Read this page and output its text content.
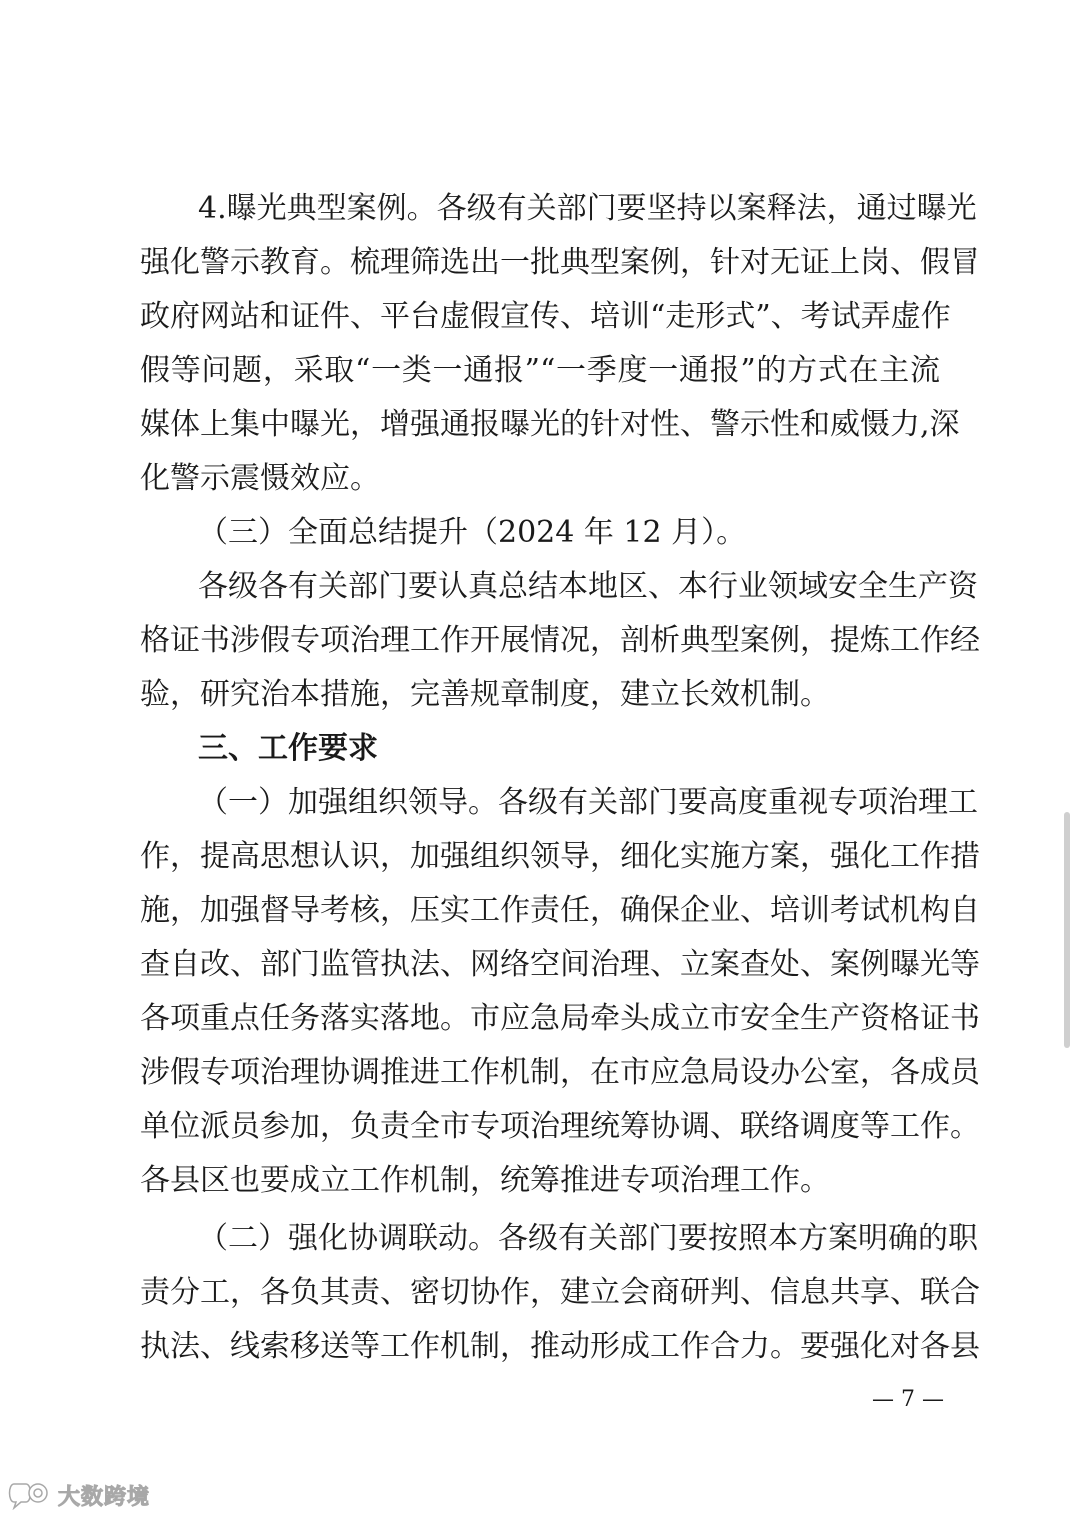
4.曝光典型案例。各级有关部门要坚持以案释法，通过曝光
强化警示教育。梳理筛选出一批典型案例，针对无证上岗、假冒
政府网站和证件、平台虚假宣传、培训“走形式”、考试弄虚作
假等问题，采取“一类一通报”“一季度一通报”的方式在主流
媒体上集中曝光，增强通报曝光的针对性、警示性和威慑力,深
化警示震慑效应。
（三）全面总结提升（2024 年 12 月）。
各级各有关部门要认真总结本地区、本行业领域安全生产资
格证书涉假专项治理工作开展情况，剖析典型案例，提炼工作经
验，研究治本措施，完善规章制度，建立长效机制。
三、工作要求
（一）加强组织领导。各级有关部门要高度重视专项治理工
作，提高思想认识，加强组织领导，细化实施方案，强化工作措
施，加强督导考核，压实工作责任，确保企业、培训考试机构自
查自改、部门监管执法、网络空间治理、立案查处、案例曝光等
各项重点任务落实落地。市应急局牵头成立市安全生产资格证书
涉假专项治理协调推进工作机制，在市应急局设办公室，各成员
单位派员参加，负责全市专项治理统筹协调、联络调度等工作。
各县区也要成立工作机制，统筹推进专项治理工作。
（二）强化协调联动。各级有关部门要按照本方案明确的职
责分工，各负其责、密切协作，建立会商研判、信息共享、联合
执法、线索移送等工作机制，推动形成工作合力。要强化对各县
— 7 —
大数跨境
